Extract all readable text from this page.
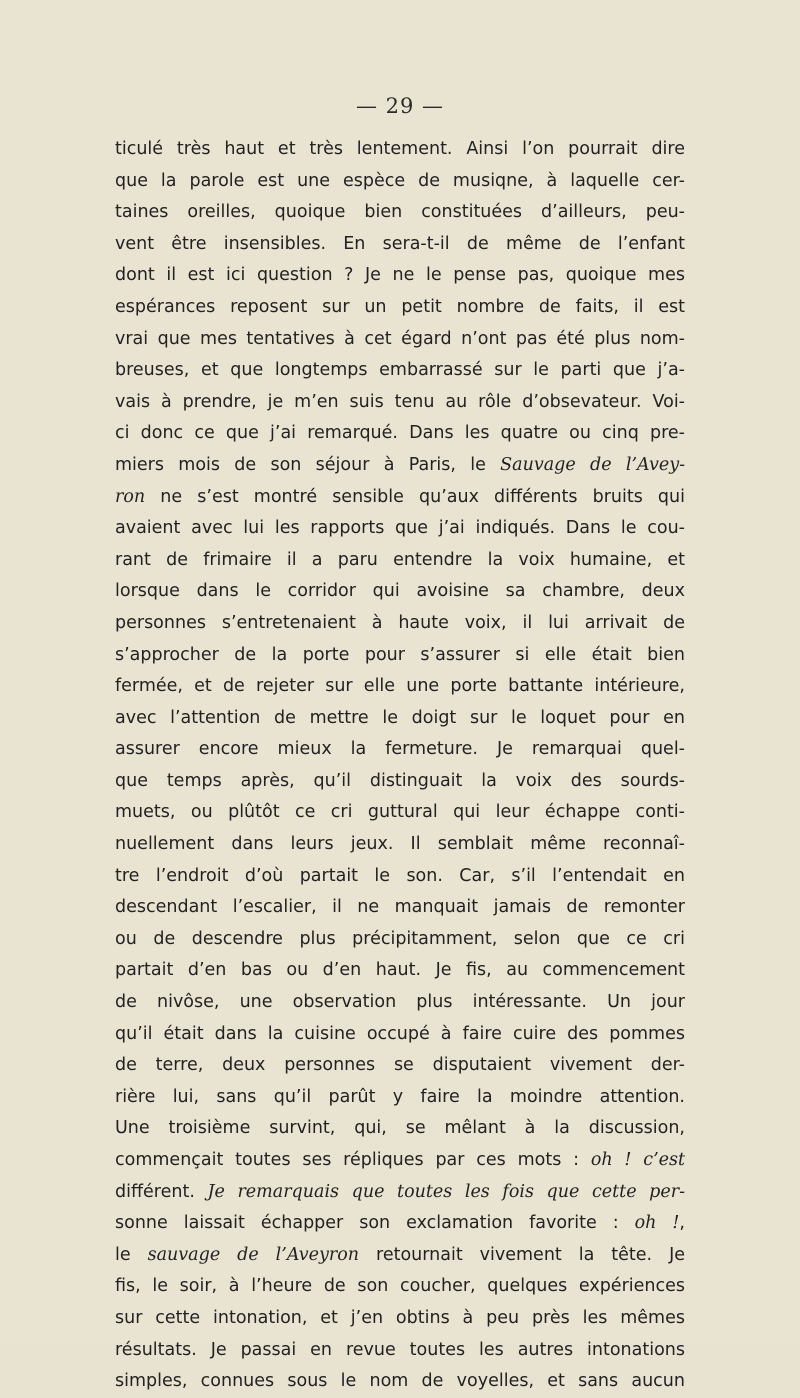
— 29 —
ticulé très haut et très lentement. Ainsi l’on pourrait dire
que la parole est une espèce de musiqne, à laquelle cer-
taines oreilles, quoique bien constituées d’ailleurs, peu-
vent être insensibles. En sera-t-il de même de l’enfant
dont il est ici question ? Je ne le pense pas, quoique mes
espérances reposent sur un petit nombre de faits, il est
vrai que mes tentatives à cet égard n’ont pas été plus nom-
breuses, et que longtemps embarrassé sur le parti que j’a-
vais à prendre, je m’en suis tenu au rôle d’obsevateur. Voi-
ci donc ce que j’ai remarqué. Dans les quatre ou cinq pre-
miers mois de son séjour à Paris, le Sauvage de l’Avey-
ron ne s’est montré sensible qu’aux différents bruits qui
avaient avec lui les rapports que j’ai indiqués. Dans le cou-
rant de frimaire il a paru entendre la voix humaine, et
lorsque dans le corridor qui avoisine sa chambre, deux
personnes s’entretenaient à haute voix, il lui arrivait de
s’approcher de la porte pour s’assurer si elle était bien
fermée, et de rejeter sur elle une porte battante intérieure,
avec l’attention de mettre le doigt sur le loquet pour en
assurer encore mieux la fermeture. Je remarquai quel-
que temps après, qu’il distinguait la voix des sourds-
muets, ou plûtôt ce cri guttural qui leur échappe conti-
nuellement dans leurs jeux. Il semblait même reconnaî-
tre l’endroit d’où partait le son. Car, s’il l’entendait en
descendant l’escalier, il ne manquait jamais de remonter
ou de descendre plus précipitamment, selon que ce cri
partait d’en bas ou d’en haut. Je fis, au commencement
de nivôse, une observation plus intéressante. Un jour
qu’il était dans la cuisine occupé à faire cuire des pommes
de terre, deux personnes se disputaient vivement der-
rière lui, sans qu’il parût y faire la moindre attention.
Une troisième survint, qui, se mêlant à la discussion,
commençait toutes ses répliques par ces mots : oh ! c’est
différent. Je remarquais que toutes les fois que cette per-
sonne laissait échapper son exclamation favorite : oh !,
le sauvage de l’Aveyron retournait vivement la tête. Je
fis, le soir, à l’heure de son coucher, quelques expériences
sur cette intonation, et j’en obtins à peu près les mêmes
résultats. Je passai en revue toutes les autres intonations
simples, connues sous le nom de voyelles, et sans aucun
